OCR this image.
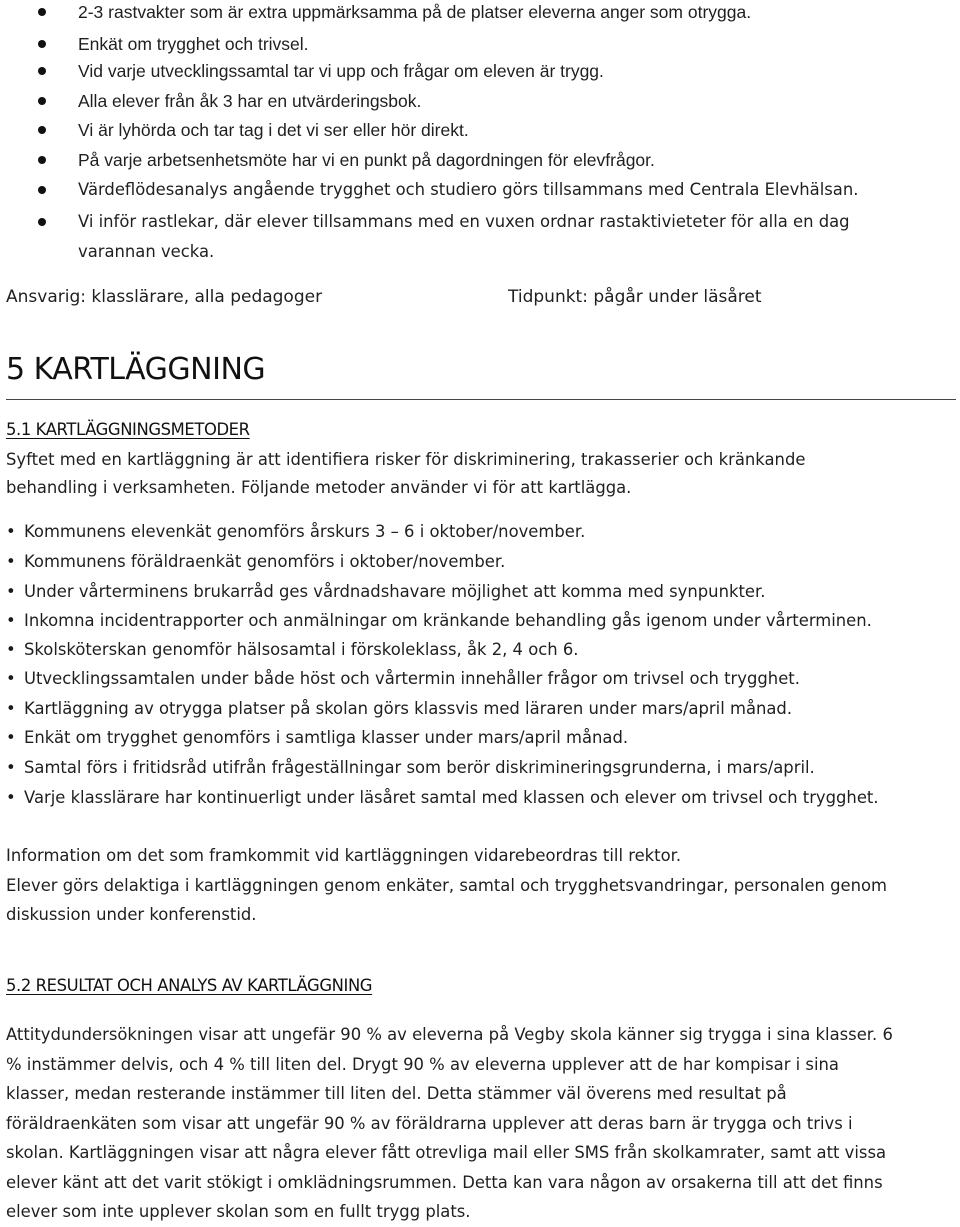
2-3 rastvakter som är extra uppmärksamma på de platser eleverna anger som otrygga.
Enkät om trygghet och trivsel.
Vid varje utvecklingssamtal tar vi upp och frågar om eleven är trygg.
Alla elever från åk 3 har en utvärderingsbok.
Vi är lyhörda och tar tag i det vi ser eller hör direkt.
På varje arbetsenhetsmöte har vi en punkt på dagordningen för elevfrågor.
Värdeflödesanalys angående trygghet och studiero görs tillsammans med Centrala Elevhälsan.
Vi inför rastlekar, där elever tillsammans med en vuxen ordnar rastaktivieteter för alla en dag
varannan vecka.
Ansvarig: klasslärare, alla pedagoger	Tidpunkt: pågår under läsåret
5 KARTLÄGGNING
5.1 KARTLÄGGNINGSMETODER
Syftet med en kartläggning är att identifiera risker för diskriminering, trakasserier och kränkande
behandling i verksamheten. Följande metoder använder vi för att kartlägga.
• Kommunens elevenkät genomförs årskurs 3 – 6 i oktober/november.
• Kommunens föräldraenkät genomförs i oktober/november.
• Under vårterminens brukarråd ges vårdnadshavare möjlighet att komma med synpunkter.
• Inkomna incidentrapporter och anmälningar om kränkande behandling gås igenom under vårterminen.
• Skolsköterskan genomför hälsosamtal i förskoleklass, åk 2, 4 och 6.
• Utvecklingssamtalen under både höst och vårtermin innehåller frågor om trivsel och trygghet.
• Kartläggning av otrygga platser på skolan görs klassvis med läraren under mars/april månad.
• Enkät om trygghet genomförs i samtliga klasser under mars/april månad.
• Samtal förs i fritidsråd utifrån frågeställningar som berör diskrimineringsgrunderna, i mars/april.
• Varje klasslärare har kontinuerligt under läsåret samtal med klassen och elever om trivsel och trygghet.
Information om det som framkommit vid kartläggningen vidarebeordras till rektor.
Elever görs delaktiga i kartläggningen genom enkäter, samtal och trygghetsvandringar, personalen genom
diskussion under konferenstid.
5.2 RESULTAT OCH ANALYS AV KARTLÄGGNING
Attitydundersökningen visar att ungefär 90 % av eleverna på Vegby skola känner sig trygga i sina klasser. 6
% instämmer delvis, och 4 % till liten del. Drygt 90 % av eleverna upplever att de har kompisar i sina
klasser, medan resterande instämmer till liten del. Detta stämmer väl överens med resultat på
föräldraenkäten som visar att ungefär 90 % av föräldrarna upplever att deras barn är trygga och trivs i
skolan. Kartläggningen visar att några elever fått otrevliga mail eller SMS från skolkamrater, samt att vissa
elever känt att det varit stökigt i omklädningsrummen. Detta kan vara någon av orsakerna till att det finns
elever som inte upplever skolan som en fullt trygg plats.
